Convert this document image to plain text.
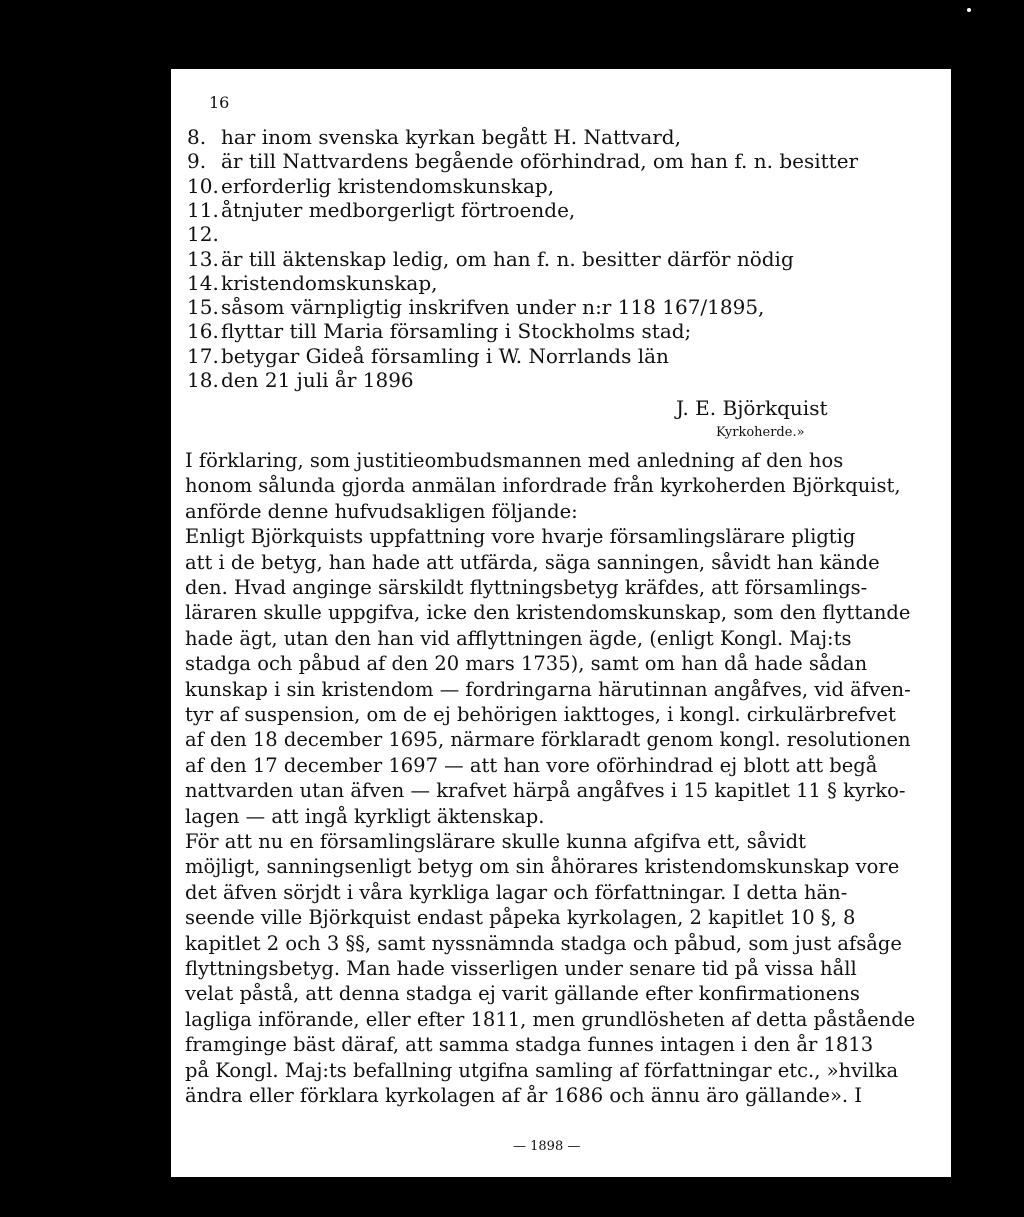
16
8. har inom svenska kyrkan begått H. Nattvard,
9. är till Nattvardens begående oförhindrad, om han f. n. besitter
10. erforderlig kristendomskunskap,
11. åtnjuter medborgerligt förtroende,
12.
13. är till äktenskap ledig, om han f. n. besitter därför nödig
14. kristendomskunskap,
15. såsom värnpligtig inskrifven under n:r 118 167/1895,
16. flyttar till Maria församling i Stockholms stad;
17. betygar Gideå församling i W. Norrlands län
18. den 21 juli år 1896
J. E. Björkquist
Kyrkoherde.»
I förklaring, som justitieombudsmannen med anledning af den hos
honom sålunda gjorda anmälan infordrade från kyrkoherden Björkquist,
anförde denne hufvudsakligen följande:
Enligt Björkquists uppfattning vore hvarje församlingslärare pligtig
att i de betyg, han hade att utfärda, säga sanningen, såvidt han kände
den. Hvad anginge särskildt flyttningsbetyg kräfdes, att församlings-
läraren skulle uppgifva, icke den kristendomskunskap, som den flyttande
hade ägt, utan den han vid afflyttningen ägde, (enligt Kongl. Maj:ts
stadga och påbud af den 20 mars 1735), samt om han då hade sådan
kunskap i sin kristendom — fordringarna härutinnan angåfves, vid äfven-
tyr af suspension, om de ej behörigen iakttoges, i kongl. cirkulärbrefvet
af den 18 december 1695, närmare förklaradt genom kongl. resolutionen
af den 17 december 1697 — att han vore oförhindrad ej blott att begå
nattvarden utan äfven — krafvet härpå angåfves i 15 kapitlet 11 § kyrko-
lagen — att ingå kyrkligt äktenskap.
För att nu en församlingslärare skulle kunna afgifva ett, såvidt
möjligt, sanningsenligt betyg om sin åhörares kristendomskunskap vore
det äfven sörjdt i våra kyrkliga lagar och författningar. I detta hän-
seende ville Björkquist endast påpeka kyrkolagen, 2 kapitlet 10 §, 8
kapitlet 2 och 3 §§, samt nyssnämnda stadga och påbud, som just afsåge
flyttningsbetyg. Man hade visserligen under senare tid på vissa håll
velat påstå, att denna stadga ej varit gällande efter konfirmationens
lagliga införande, eller efter 1811, men grundlösheten af detta påstående
framginge bäst däraf, att samma stadga funnes intagen i den år 1813
på Kongl. Maj:ts befallning utgifna samling af författningar etc., »hvilka
ändra eller förklara kyrkolagen af år 1686 och ännu äro gällande». I
— 1898 —
